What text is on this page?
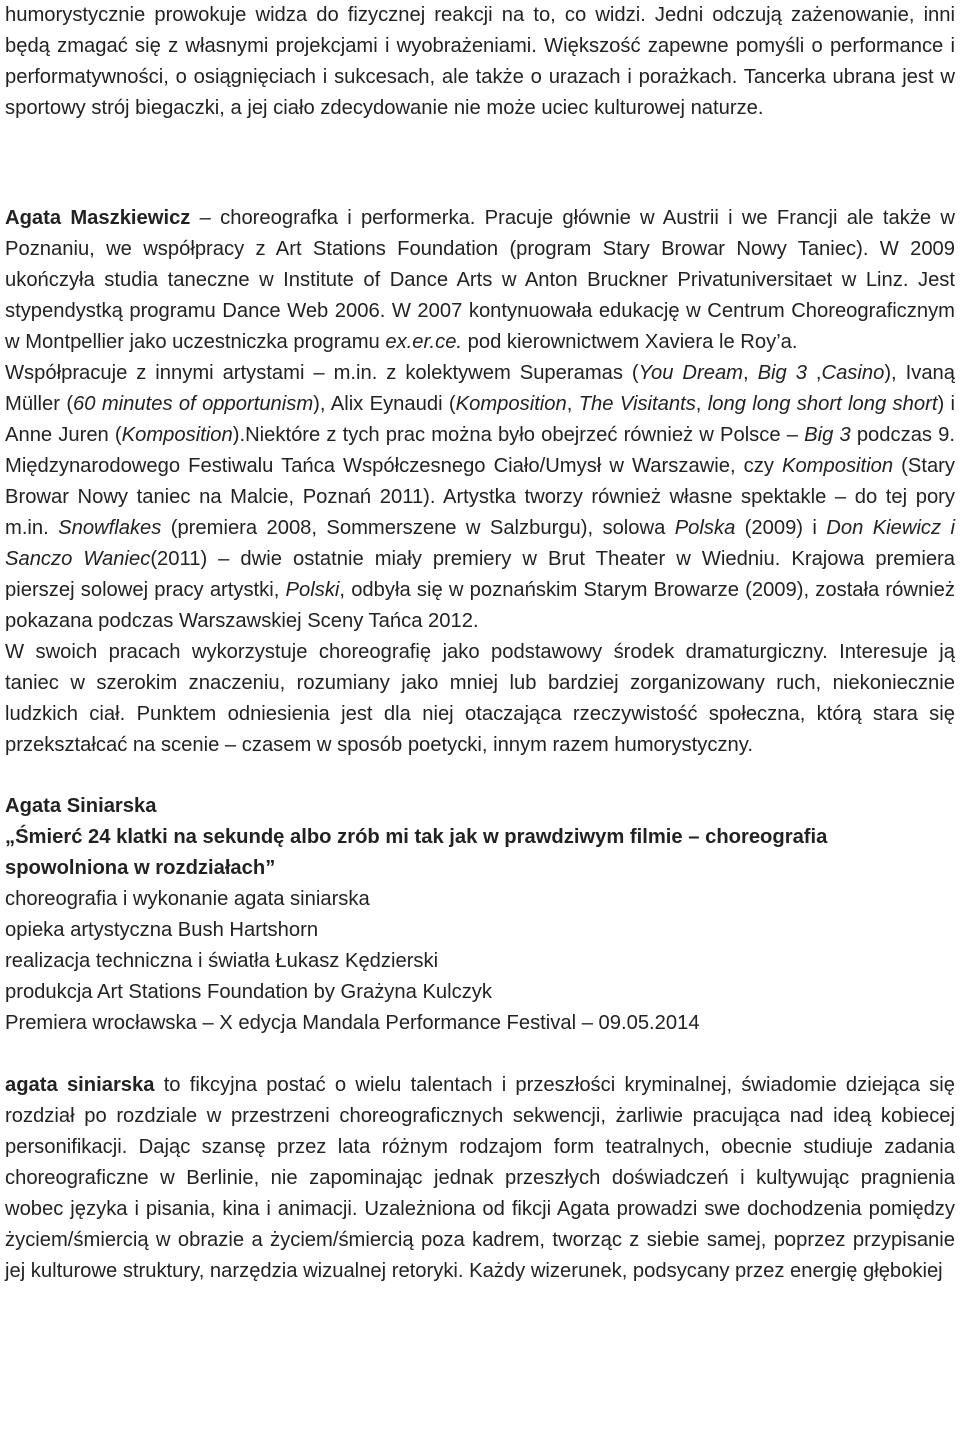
humorystycznie prowokuje widza do fizycznej reakcji na to, co widzi. Jedni odczują zażenowanie, inni będą zmagać się z własnymi projekcjami i wyobrażeniami. Większość zapewne pomyśli o performance i performatywności, o osiągnięciach i sukcesach, ale także o urazach i porażkach. Tancerka ubrana jest w sportowy strój biegaczki, a jej ciało zdecydowanie nie może uciec kulturowej naturze.

Agata Maszkiewicz – choreografka i performerka. Pracuje głównie w Austrii i we Francji ale także w Poznaniu, we współpracy z Art Stations Foundation (program Stary Browar Nowy Taniec). W 2009 ukończyła studia taneczne w Institute of Dance Arts w Anton Bruckner Privatuniversitaet w Linz. Jest stypendystką programu Dance Web 2006. W 2007 kontynuowała edukację w Centrum Choreograficznym w Montpellier jako uczestniczka programu ex.er.ce. pod kierownictwem Xaviera le Roy’a.

Współpracuje z innymi artystami – m.in. z kolektywem Superamas (You Dream, Big 3 ,Casino), Ivaną Müller (60 minutes of opportunism), Alix Eynaudi (Komposition, The Visitants, long long short long short) i Anne Juren (Komposition).Niektóre z tych prac można było obejrzeć również w Polsce – Big 3 podczas 9. Międzynarodowego Festiwalu Tańca Współczesnego Ciało/Umysł w Warszawie, czy Komposition (Stary Browar Nowy taniec na Malcie, Poznań 2011). Artystka tworzy również własne spektakle – do tej pory m.in. Snowflakes (premiera 2008, Sommerszene w Salzburgu), solowa Polska (2009) i Don Kiewicz i Sanczo Waniec(2011) – dwie ostatnie miały premiery w Brut Theater w Wiedniu. Krajowa premiera pierszej solowej pracy artystki, Polski, odbyła się w poznańskim Starym Browarze (2009), została również pokazana podczas Warszawskiej Sceny Tańca 2012.

W swoich pracach wykorzystuje choreografię jako podstawowy środek dramaturgiczny. Interesuje ją taniec w szerokim znaczeniu, rozumiany jako mniej lub bardziej zorganizowany ruch, niekoniecznie ludzkich ciał. Punktem odniesienia jest dla niej otaczająca rzeczywistość społeczna, którą stara się przekształcać na scenie – czasem w sposób poetycki, innym razem humorystyczny.

Agata Siniarska

„Śmierć 24 klatki na sekundę albo zrób mi tak jak w prawdziwym filmie – choreografia spowolniona w rozdziałach”

choreografia i wykonanie agata siniarska

opieka artystyczna Bush Hartshorn

realizacja techniczna i światła Łukasz Kędzierski

produkcja Art Stations Foundation by Grażyna Kulczyk

Premiera wrocławska – X edycja Mandala Performance Festival – 09.05.2014

agata siniarska to fikcyjna postać o wielu talentach i przeszłości kryminalnej, świadomie dziejąca się rozdział po rozdziale w przestrzeni choreograficznych sekwencji, żarliwie pracująca nad ideą kobiecej personifikacji. Dając szansę przez lata różnym rodzajom form teatralnych, obecnie studiuje zadania choreograficzne w Berlinie, nie zapominając jednak przeszłych doświadczeń i kultywując pragnienia wobec języka i pisania, kina i animacji. Uzależniona od fikcji Agata prowadzi swe dochodzenia pomiędzy życiem/śmiercią w obrazie a życiem/śmiercią poza kadrem, tworząc z siebie samej, poprzez przypisanie jej kulturowe struktury, narzędzia wizualnej retoryki. Każdy wizerunek, podsycany przez energię głębokiej
